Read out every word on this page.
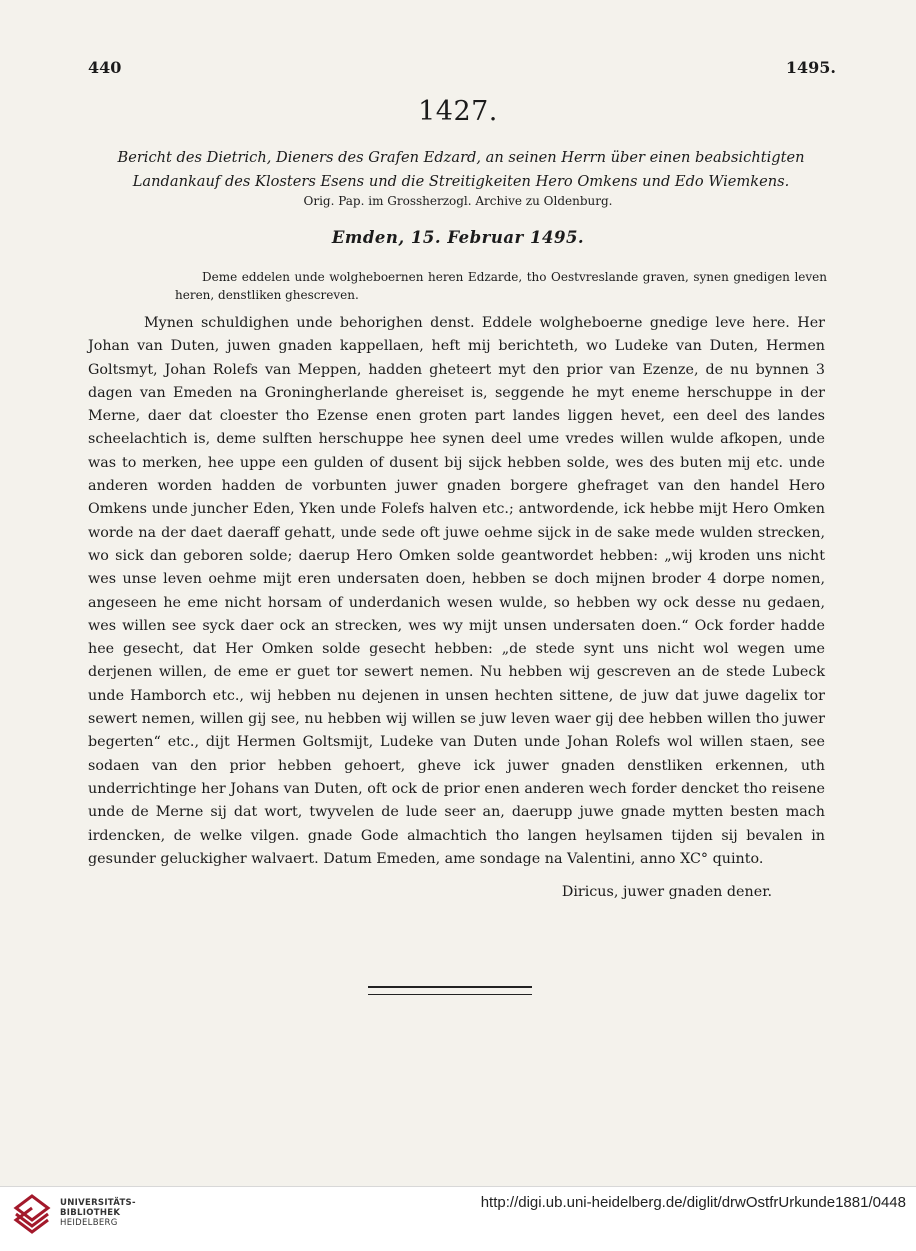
440	1495.
1427.
Bericht des Dietrich, Dieners des Grafen Edzard, an seinen Herrn über einen beabsichtigten Landankauf des Klosters Esens und die Streitigkeiten Hero Omkens und Edo Wiemkens.
Orig. Pap. im Grossherzogl. Archive zu Oldenburg.
Emden, 15. Februar 1495.
Deme eddelen unde wolgheboernen heren Edzarde, tho Oestvreslande graven, synen gnedigen leven heren, denstliken ghescreven.

Mynen schuldighen unde behorighen denst. Eddele wolgheboerne gnedige leve here. Her Johan van Duten, juwen gnaden kappellaen, heft mij berichteth, wo Ludeke van Duten, Hermen Goltsmyt, Johan Rolefs van Meppen, hadden gheteert myt den prior van Ezenze, de nu bynnen 3 dagen van Emeden na Groningherlande ghereiset is, seggende he myt eneme herschuppe in der Merne, daer dat cloester tho Ezense enen groten part landes liggen hevet, een deel des landes scheelachtich is, deme sulften herschuppe hee synen deel ume vredes willen wulde afkopen, unde was to merken, hee uppe een gulden of dusent bij sijck hebben solde, wes des buten mij etc. unde anderen worden hadden de vorbunten juwer gnaden borgere ghefraget van den handel Hero Omkens unde juncher Eden, Yken unde Folefs halven etc.; antwordende, ick hebbe mijt Hero Omken worde na der daet daeraff gehatt, unde sede oft juwe oehme sijck in de sake mede wulden strecken, wo sick dan geboren solde; daerup Hero Omken solde geantwordet hebben: „wij kroden uns nicht wes unse leven oehme mijt eren undersaten doen, hebben se doch mijnen broder 4 dorpe nomen, angeseen he eme nicht horsam of underdanich wesen wulde, so hebben wy ock desse nu gedaen, wes willen see syck daer ock an strecken, wes wy mijt unsen undersaten doen.“ Ock forder hadde hee gesecht, dat Her Omken solde gesecht hebben: „de stede synt uns nicht wol wegen ume derjenen willen, de eme er guet tor sewert nemen. Nu hebben wij gescreven an de stede Lubeck unde Hamborch etc., wij hebben nu dejenen in unsen hechten sittene, de juw dat juwe dagelix tor sewert nemen, willen gij see, nu hebben wij willen se juw leven waer gij dee hebben willen tho juwer begerten“ etc., dijt Hermen Goltsmijt, Ludeke van Duten unde Johan Rolefs wol willen staen, see sodaen van den prior hebben gehoert, gheve ick juwer gnaden denstliken erkennen, uth underrichtinge her Johans van Duten, oft ock de prior enen anderen wech forder dencket tho reisene unde de Merne sij dat wort, twyvelen de lude seer an, daerupp juwe gnade mytten besten mach irdencken, de welke vilgen. gnade Gode almachtich tho langen heylsamen tijden sij bevalen in gesunder geluckigher walvaert. Datum Emeden, ame sondage na Valentini, anno XC° quinto.

Diricus, juwer gnaden dener.
UNIVERSITÄTS-
BIBLIOTHEK
HEIDELBERG
http://digi.ub.uni-heidelberg.de/diglit/drwOstfrUrkunde1881/0448
